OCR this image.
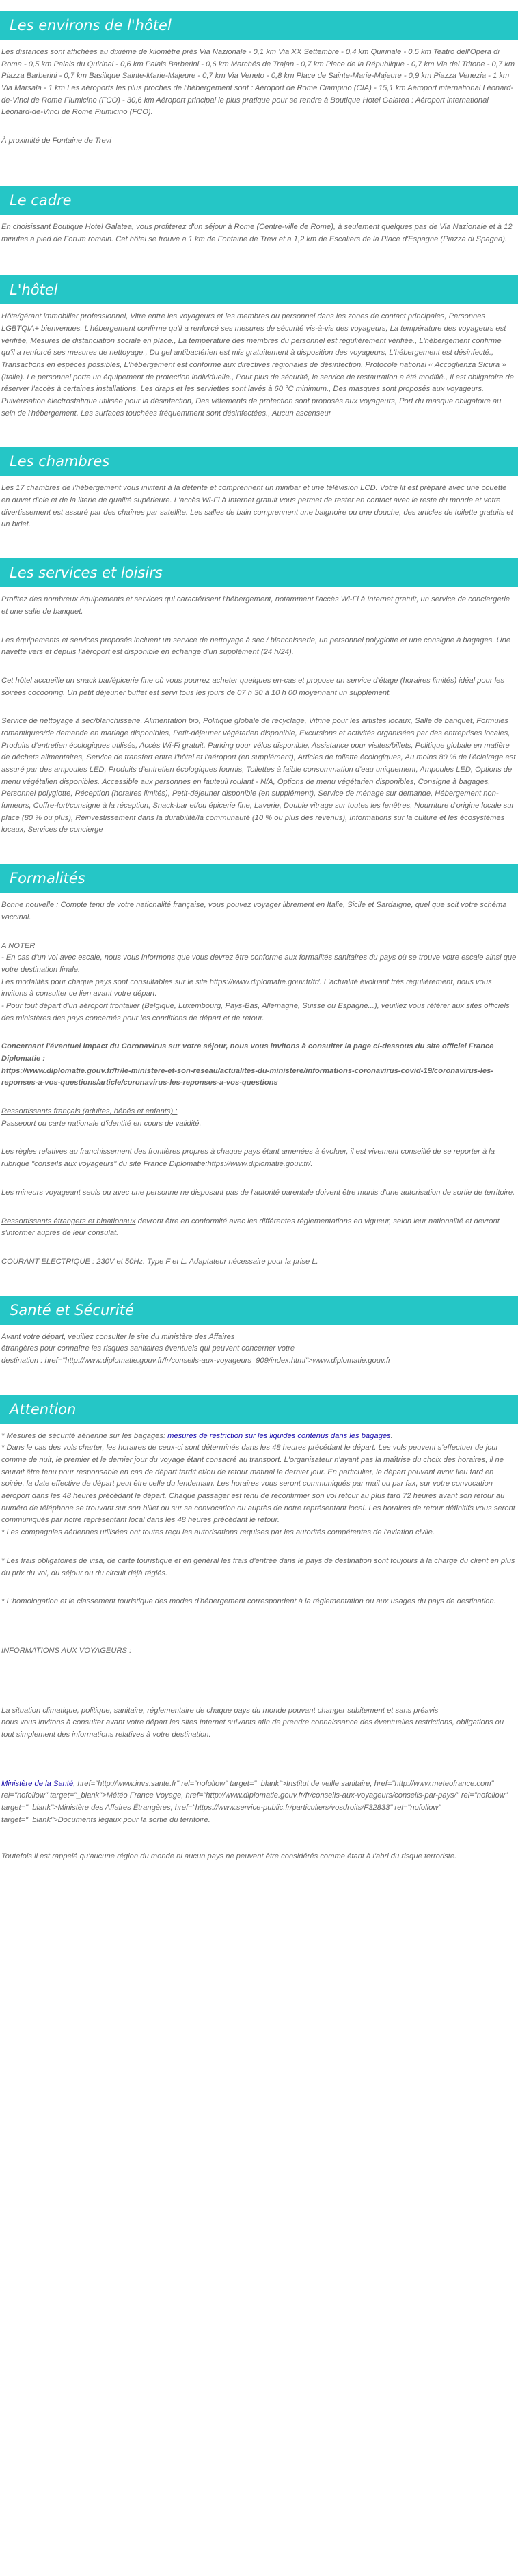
Les environs de l'hôtel

Les distances sont affichées au dixième de kilomètre près Via Nazionale - 0,1 km Via XX Settembre - 0,4 km Quirinale - 0,5 km Teatro dell'Opera di Roma - 0,5 km Palais du Quirinal - 0,6 km Palais Barberini - 0,6 km Marchés de Trajan - 0,7 km Place de la République - 0,7 km Via del Tritone - 0,7 km Piazza Barberini - 0,7 km Basilique Sainte-Marie-Majeure - 0,7 km Via Veneto - 0,8 km Place de Sainte-Marie-Majeure - 0,9 km Piazza Venezia - 1 km Via Marsala - 1 km Les aéroports les plus proches de l'hébergement sont : Aéroport de Rome Ciampino (CIA) - 15,1 km Aéroport international Léonard-de-Vinci de Rome Fiumicino (FCO) - 30,6 km Aéroport principal le plus pratique pour se rendre à Boutique Hotel Galatea : Aéroport international Léonard-de-Vinci de Rome Fiumicino (FCO).

À proximité de Fontaine de Trevi

Le cadre

En choisissant Boutique Hotel Galatea, vous profiterez d'un séjour à Rome (Centre-ville de Rome), à seulement quelques pas de Via Nazionale et à 12 minutes à pied de Forum romain. Cet hôtel se trouve à 1 km de Fontaine de Trevi et à 1,2 km de Escaliers de la Place d'Espagne (Piazza di Spagna).

L'hôtel

Hôte/gérant immobilier professionnel, Vitre entre les voyageurs et les membres du personnel dans les zones de contact principales, Personnes LGBTQIA+ bienvenues. L'hébergement confirme qu'il a renforcé ses mesures de sécurité vis-à-vis des voyageurs, La température des voyageurs est vérifiée, Mesures de distanciation sociale en place., La température des membres du personnel est régulièrement vérifiée., L'hébergement confirme qu'il a renforcé ses mesures de nettoyage., Du gel antibactérien est mis gratuitement à disposition des voyageurs, L'hébergement est désinfecté., Transactions en espèces possibles, L'hébergement est conforme aux directives régionales de désinfection. Protocole national « Accoglienza Sicura » (Italie). Le personnel porte un équipement de protection individuelle., Pour plus de sécurité, le service de restauration a été modifié., Il est obligatoire de réserver l'accès à certaines installations, Les draps et les serviettes sont lavés à 60 °C minimum., Des masques sont proposés aux voyageurs. Pulvérisation électrostatique utilisée pour la désinfection, Des vêtements de protection sont proposés aux voyageurs, Port du masque obligatoire au sein de l'hébergement, Les surfaces touchées fréquemment sont désinfectées., Aucun ascenseur

Les chambres

Les 17 chambres de l'hébergement vous invitent à la détente et comprennent un minibar et une télévision LCD. Votre lit est préparé avec une couette en duvet d'oie et de la literie de qualité supérieure. L'accès Wi-Fi à Internet gratuit vous permet de rester en contact avec le reste du monde et votre divertissement est assuré par des chaînes par satellite. Les salles de bain comprennent une baignoire ou une douche, des articles de toilette gratuits et un bidet.

Les services et loisirs

Profitez des nombreux équipements et services qui caractérisent l'hébergement, notamment l'accès Wi-Fi à Internet gratuit, un service de conciergerie et une salle de banquet.

Les équipements et services proposés incluent un service de nettoyage à sec / blanchisserie, un personnel polyglotte et une consigne à bagages. Une navette vers et depuis l'aéroport est disponible en échange d'un supplément (24 h/24).

Cet hôtel accueille un snack bar/épicerie fine où vous pourrez acheter quelques en-cas et propose un service d'étage (horaires limités) idéal pour les soirées cocooning. Un petit déjeuner buffet est servi tous les jours de 07 h 30 à 10 h 00 moyennant un supplément.

Service de nettoyage à sec/blanchisserie, Alimentation bio, Politique globale de recyclage, Vitrine pour les artistes locaux, Salle de banquet, Formules romantiques/de demande en mariage disponibles, Petit-déjeuner végétarien disponible, Excursions et activités organisées par des entreprises locales, Produits d'entretien écologiques utilisés, Accès Wi-Fi gratuit, Parking pour vélos disponible, Assistance pour visites/billets, Politique globale en matière de déchets alimentaires, Service de transfert entre l'hôtel et l'aéroport (en supplément), Articles de toilette écologiques, Au moins 80 % de l'éclairage est assuré par des ampoules LED, Produits d'entretien écologiques fournis, Toilettes à faible consommation d'eau uniquement, Ampoules LED, Options de menu végétalien disponibles. Accessible aux personnes en fauteuil roulant - N/A, Options de menu végétarien disponibles, Consigne à bagages, Personnel polyglotte, Réception (horaires limités), Petit-déjeuner disponible (en supplément), Service de ménage sur demande, Hébergement non-fumeurs, Coffre-fort/consigne à la réception, Snack-bar et/ou épicerie fine, Laverie, Double vitrage sur toutes les fenêtres, Nourriture d'origine locale sur place (80 % ou plus), Réinvestissement dans la durabilité/la communauté (10 % ou plus des revenus), Informations sur la culture et les écosystèmes locaux, Services de concierge

Formalités

Bonne nouvelle : Compte tenu de votre nationalité française, vous pouvez voyager librement en Italie, Sicile et Sardaigne, quel que soit votre schéma vaccinal.

A NOTER

- En cas d'un vol avec escale, nous vous informons que vous devrez être conforme aux formalités sanitaires du pays où se trouve votre escale ainsi que votre destination finale.
Les modalités pour chaque pays sont consultables sur le site https://www.diplomatie.gouv.fr/fr/. L'actualité évoluant très régulièrement, nous vous invitons à consulter ce lien avant votre départ.
- Pour tout départ d'un aéroport frontalier (Belgique, Luxembourg, Pays-Bas, Allemagne, Suisse ou Espagne...), veuillez vous référer aux sites officiels des ministères des pays concernés pour les conditions de départ et de retour.

Concernant l'éventuel impact du Coronavirus sur votre séjour, nous vous invitons à consulter la page ci-dessous du site officiel France Diplomatie :
https://www.diplomatie.gouv.fr/fr/le-ministere-et-son-reseau/actualites-du-ministere/informations-coronavirus-covid-19/coronavirus-les-reponses-a-vos-questions/article/coronavirus-les-reponses-a-vos-questions

Ressortissants français (adultes, bébés et enfants) :

Passeport ou carte nationale d'identité en cours de validité.

Les règles relatives au franchissement des frontières propres à chaque pays étant amenées à évoluer, il est vivement conseillé de se reporter à la rubrique "conseils aux voyageurs" du site France Diplomatie:https://www.diplomatie.gouv.fr/.

Les mineurs voyageant seuls ou avec une personne ne disposant pas de l'autorité parentale doivent être munis d'une autorisation de sortie de territoire.

Ressortissants étrangers et binationaux devront être en conformité avec les différentes réglementations en vigueur, selon leur nationalité et devront s'informer auprès de leur consulat.

COURANT ELECTRIQUE : 230V et 50Hz. Type F et L. Adaptateur nécessaire pour la prise L.

Santé et Sécurité

Avant votre départ, veuillez consulter le site du ministère des Affaires
étrangères pour connaître les risques sanitaires éventuels qui peuvent concerner votre
destination : href="http://www.diplomatie.gouv.fr/fr/conseils-aux-voyageurs_909/index.html">www.diplomatie.gouv.fr

Attention

* Mesures de sécurité aérienne sur les bagages: mesures de restriction sur les liquides contenus dans les bagages.
* Dans le cas des vols charter, les horaires de ceux-ci sont déterminés dans les 48 heures précédant le départ. Les vols peuvent s'effectuer de jour comme de nuit, le premier et le dernier jour du voyage étant consacré au transport. L'organisateur n'ayant pas la maîtrise du choix des horaires, il ne saurait être tenu pour responsable en cas de départ tardif et/ou de retour matinal le dernier jour. En particulier, le départ pouvant avoir lieu tard en soirée, la date effective de départ peut être celle du lendemain. Les horaires vous seront communiqués par mail ou par fax, sur votre convocation aéroport dans les 48 heures précédant le départ. Chaque passager est tenu de reconfirmer son vol retour au plus tard 72 heures avant son retour au numéro de téléphone se trouvant sur son billet ou sur sa convocation ou auprès de notre représentant local. Les horaires de retour définitifs vous seront communiqués par notre représentant local dans les 48 heures précédant le retour.
* Les compagnies aériennes utilisées ont toutes reçu les autorisations requises par les autorités compétentes de l'aviation civile.

* Les frais obligatoires de visa, de carte touristique et en général les frais d'entrée dans le pays de destination sont toujours à la charge du client en plus du prix du vol, du séjour ou du circuit déjà réglés.

* L'homologation et le classement touristique des modes d'hébergement correspondent à la réglementation ou aux usages du pays de destination.

INFORMATIONS AUX VOYAGEURS :

La situation climatique, politique, sanitaire, réglementaire de chaque pays du monde pouvant changer subitement et sans préavis
nous vous invitons à consulter avant votre départ les sites Internet suivants afin de prendre connaissance des éventuelles restrictions, obligations ou tout simplement des informations relatives à votre destination.

Ministère de la Santé, href="http://www.invs.sante.fr" rel="nofollow" target="_blank">Institut de veille sanitaire, href="http://www.meteofrance.com" rel="nofollow" target="_blank">Météo France Voyage, href="http://www.diplomatie.gouv.fr/fr/conseils-aux-voyageurs/conseils-par-pays/" rel="nofollow" target="_blank">Ministère des Affaires Étrangères, href="https://www.service-public.fr/particuliers/vosdroits/F32833" rel="nofollow" target="_blank">Documents légaux pour la sortie du territoire.

Toutefois il est rappelé qu'aucune région du monde ni aucun pays ne peuvent être considérés comme étant à l'abri du risque terroriste.
